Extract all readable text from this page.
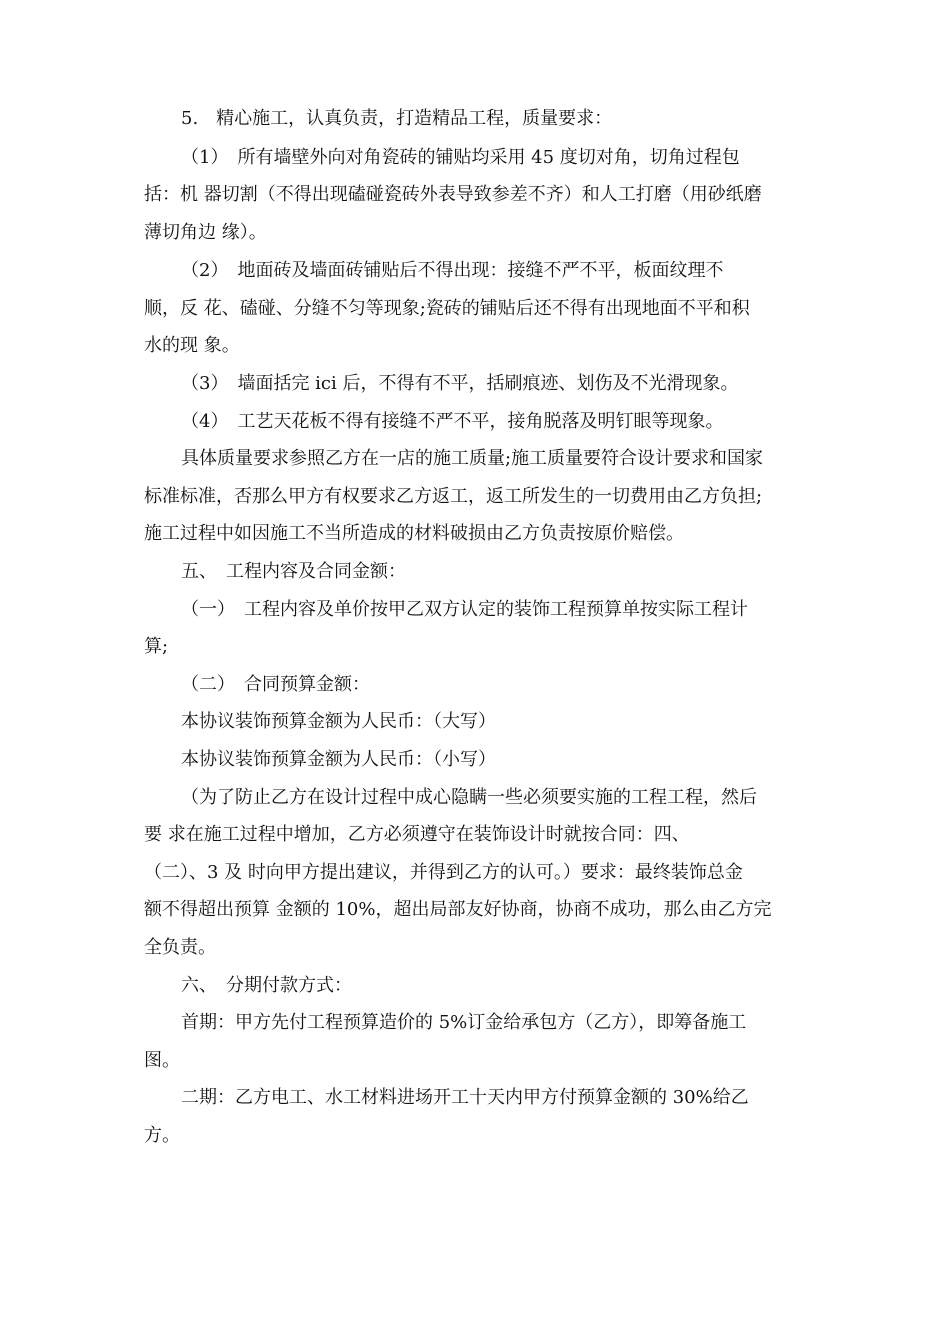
5.　精心施工，认真负责，打造精品工程，质量要求：
（1）　所有墙壁外向对角瓷砖的铺贴均采用 45 度切对角，切角过程包
括：机 器切割（不得出现磕碰瓷砖外表导致参差不齐）和人工打磨（用砂纸磨
薄切角边 缘）。
（2）　地面砖及墙面砖铺贴后不得出现：接缝不严不平，板面纹理不
顺，反 花、磕碰、分缝不匀等现象;瓷砖的铺贴后还不得有出现地面不平和积
水的现 象。
（3）　墙面括完 ici 后，不得有不平，括刷痕迹、划伤及不光滑现象。
（4）　工艺天花板不得有接缝不严不平，接角脱落及明钉眼等现象。
具体质量要求参照乙方在一店的施工质量;施工质量要符合设计要求和国家
标准标准，否那么甲方有权要求乙方返工，返工所发生的一切费用由乙方负担;
施工过程中如因施工不当所造成的材料破损由乙方负责按原价赔偿。
五、　工程内容及合同金额：
（一）　工程内容及单价按甲乙双方认定的装饰工程预算单按实际工程计
算;
（二）　合同预算金额：
本协议装饰预算金额为人民币：（大写）
本协议装饰预算金额为人民币：（小写）
（为了防止乙方在设计过程中成心隐瞒一些必须要实施的工程工程，然后
要 求在施工过程中增加，乙方必须遵守在装饰设计时就按合同：四、
（二）、3 及 时向甲方提出建议，并得到乙方的认可。）要求：最终装饰总金
额不得超出预算 金额的 10%，超出局部友好协商，协商不成功，那么由乙方完
全负责。
六、　分期付款方式：
首期：甲方先付工程预算造价的 5%订金给承包方（乙方），即筹备施工
图。
二期：乙方电工、水工材料进场开工十天内甲方付预算金额的 30%给乙
方。
